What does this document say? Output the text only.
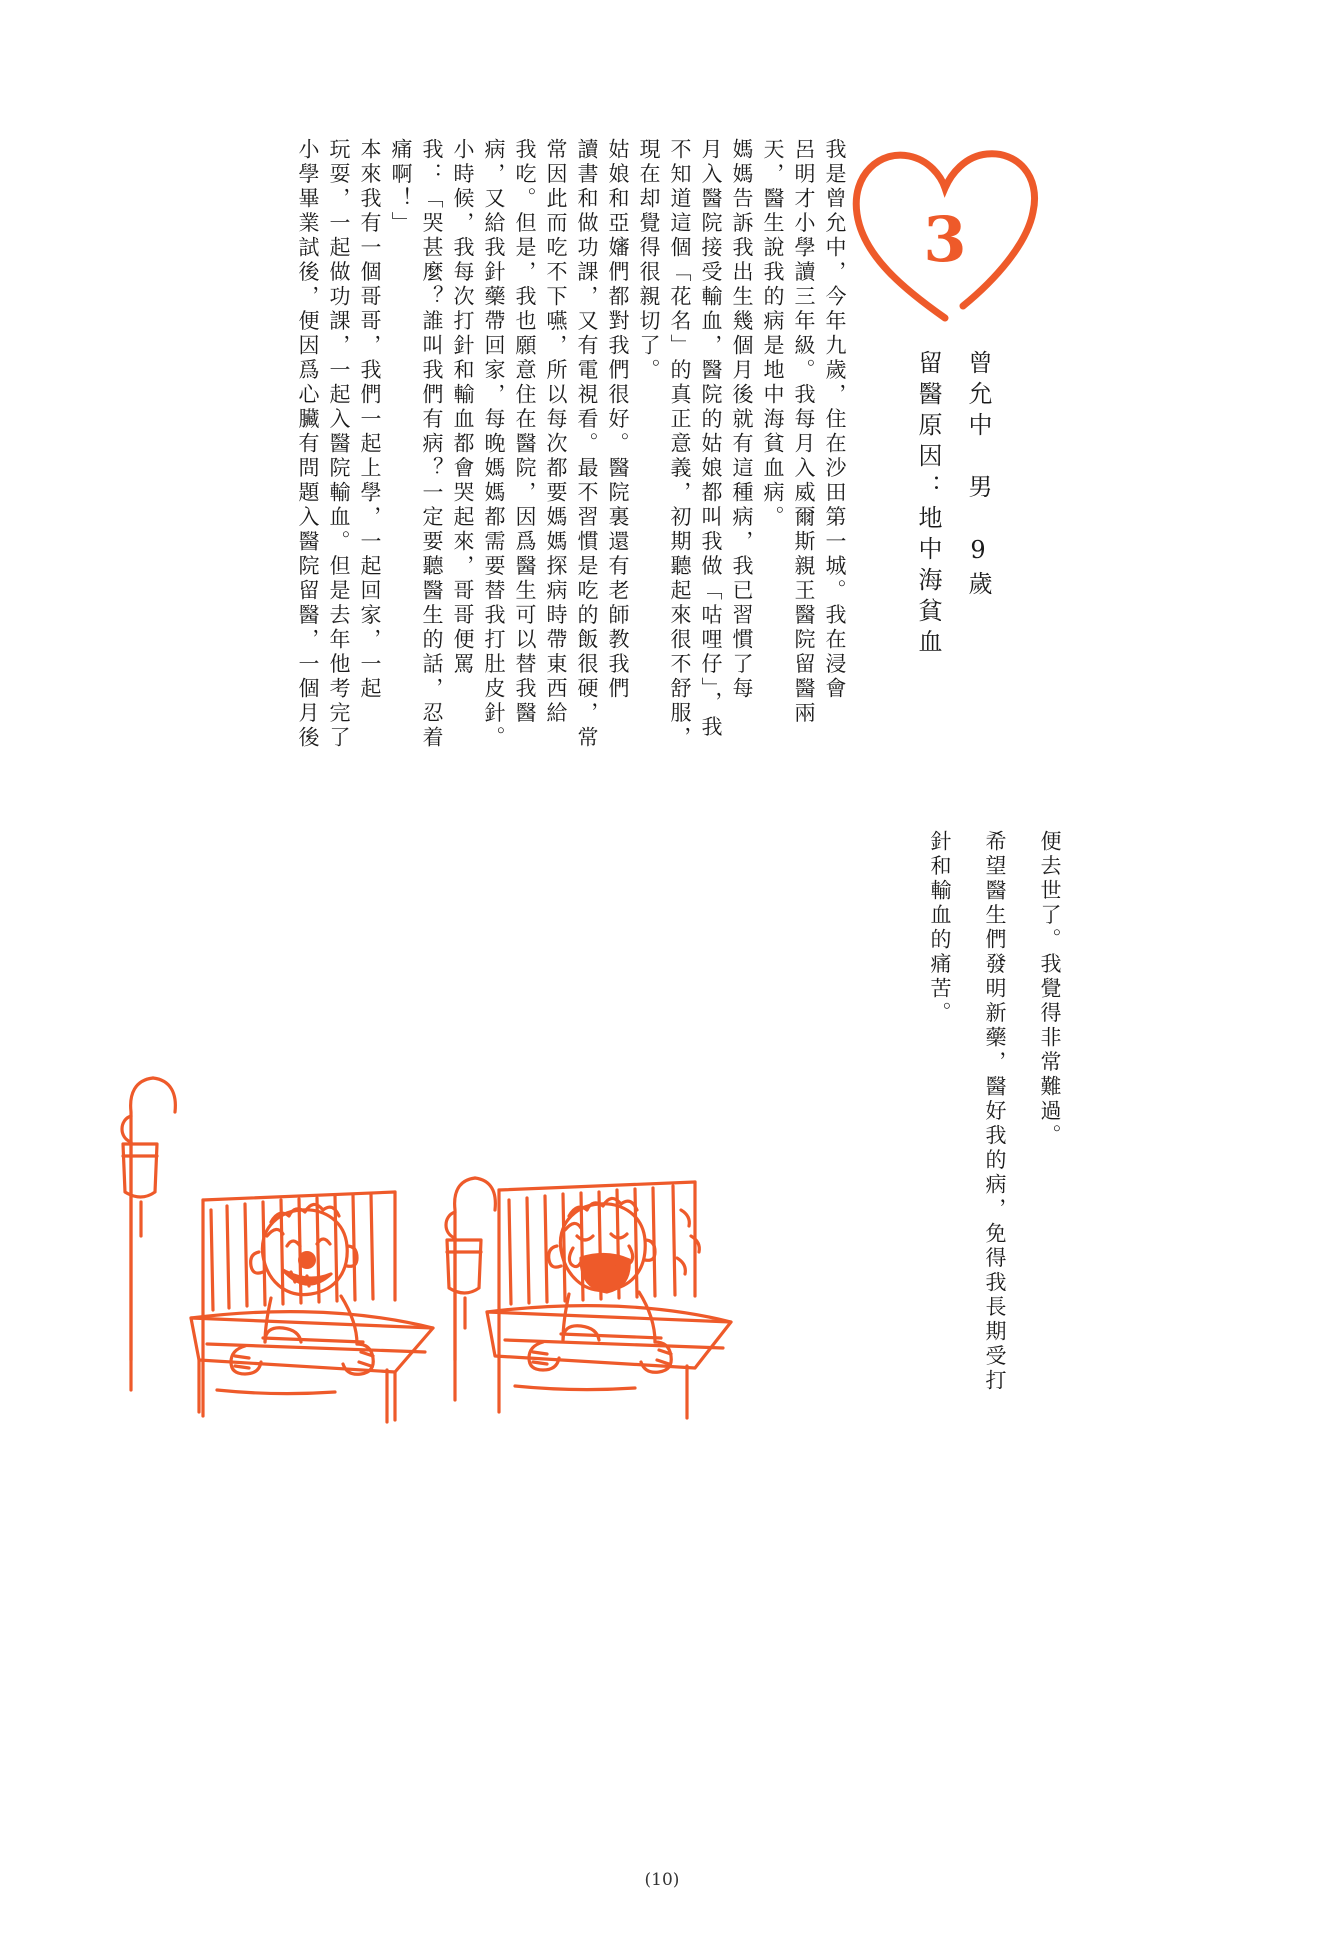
3
曾允中　男　9歲
留醫原因：地中海貧血
我是曾允中，今年九歲，住在沙田第一城。我在浸會
呂明才小學讀三年級。我每月入威爾斯親王醫院留醫兩
天，醫生說我的病是地中海貧血病。
媽媽告訴我出生幾個月後就有這種病，我已習慣了每
月入醫院接受輸血，醫院的姑娘都叫我做「咕哩仔」，我
不知道這個「花名」的真正意義，初期聽起來很不舒服，
現在却覺得很親切了。
姑娘和亞嬸們都對我們很好。醫院裏還有老師教我們
讀書和做功課，又有電視看。最不習慣是吃的飯很硬，常
常因此而吃不下嚥，所以每次都要媽媽探病時帶東西給
我吃。但是，我也願意住在醫院，因爲醫生可以替我醫
病，又給我針藥帶回家，每晚媽媽都需要替我打肚皮針。
小時候，我每次打針和輸血都會哭起來，哥哥便罵
我：「哭甚麼？誰叫我們有病？一定要聽醫生的話，忍着
痛啊！」
本來我有一個哥哥，我們一起上學，一起回家，一起
玩耍，一起做功課，一起入醫院輸血。但是去年他考完了
小學畢業試後，便因爲心臟有問題入醫院留醫，一個月後
便去世了。我覺得非常難過。
希望醫生們發明新藥，醫好我的病，免得我長期受打
針和輸血的痛苦。
(10)
